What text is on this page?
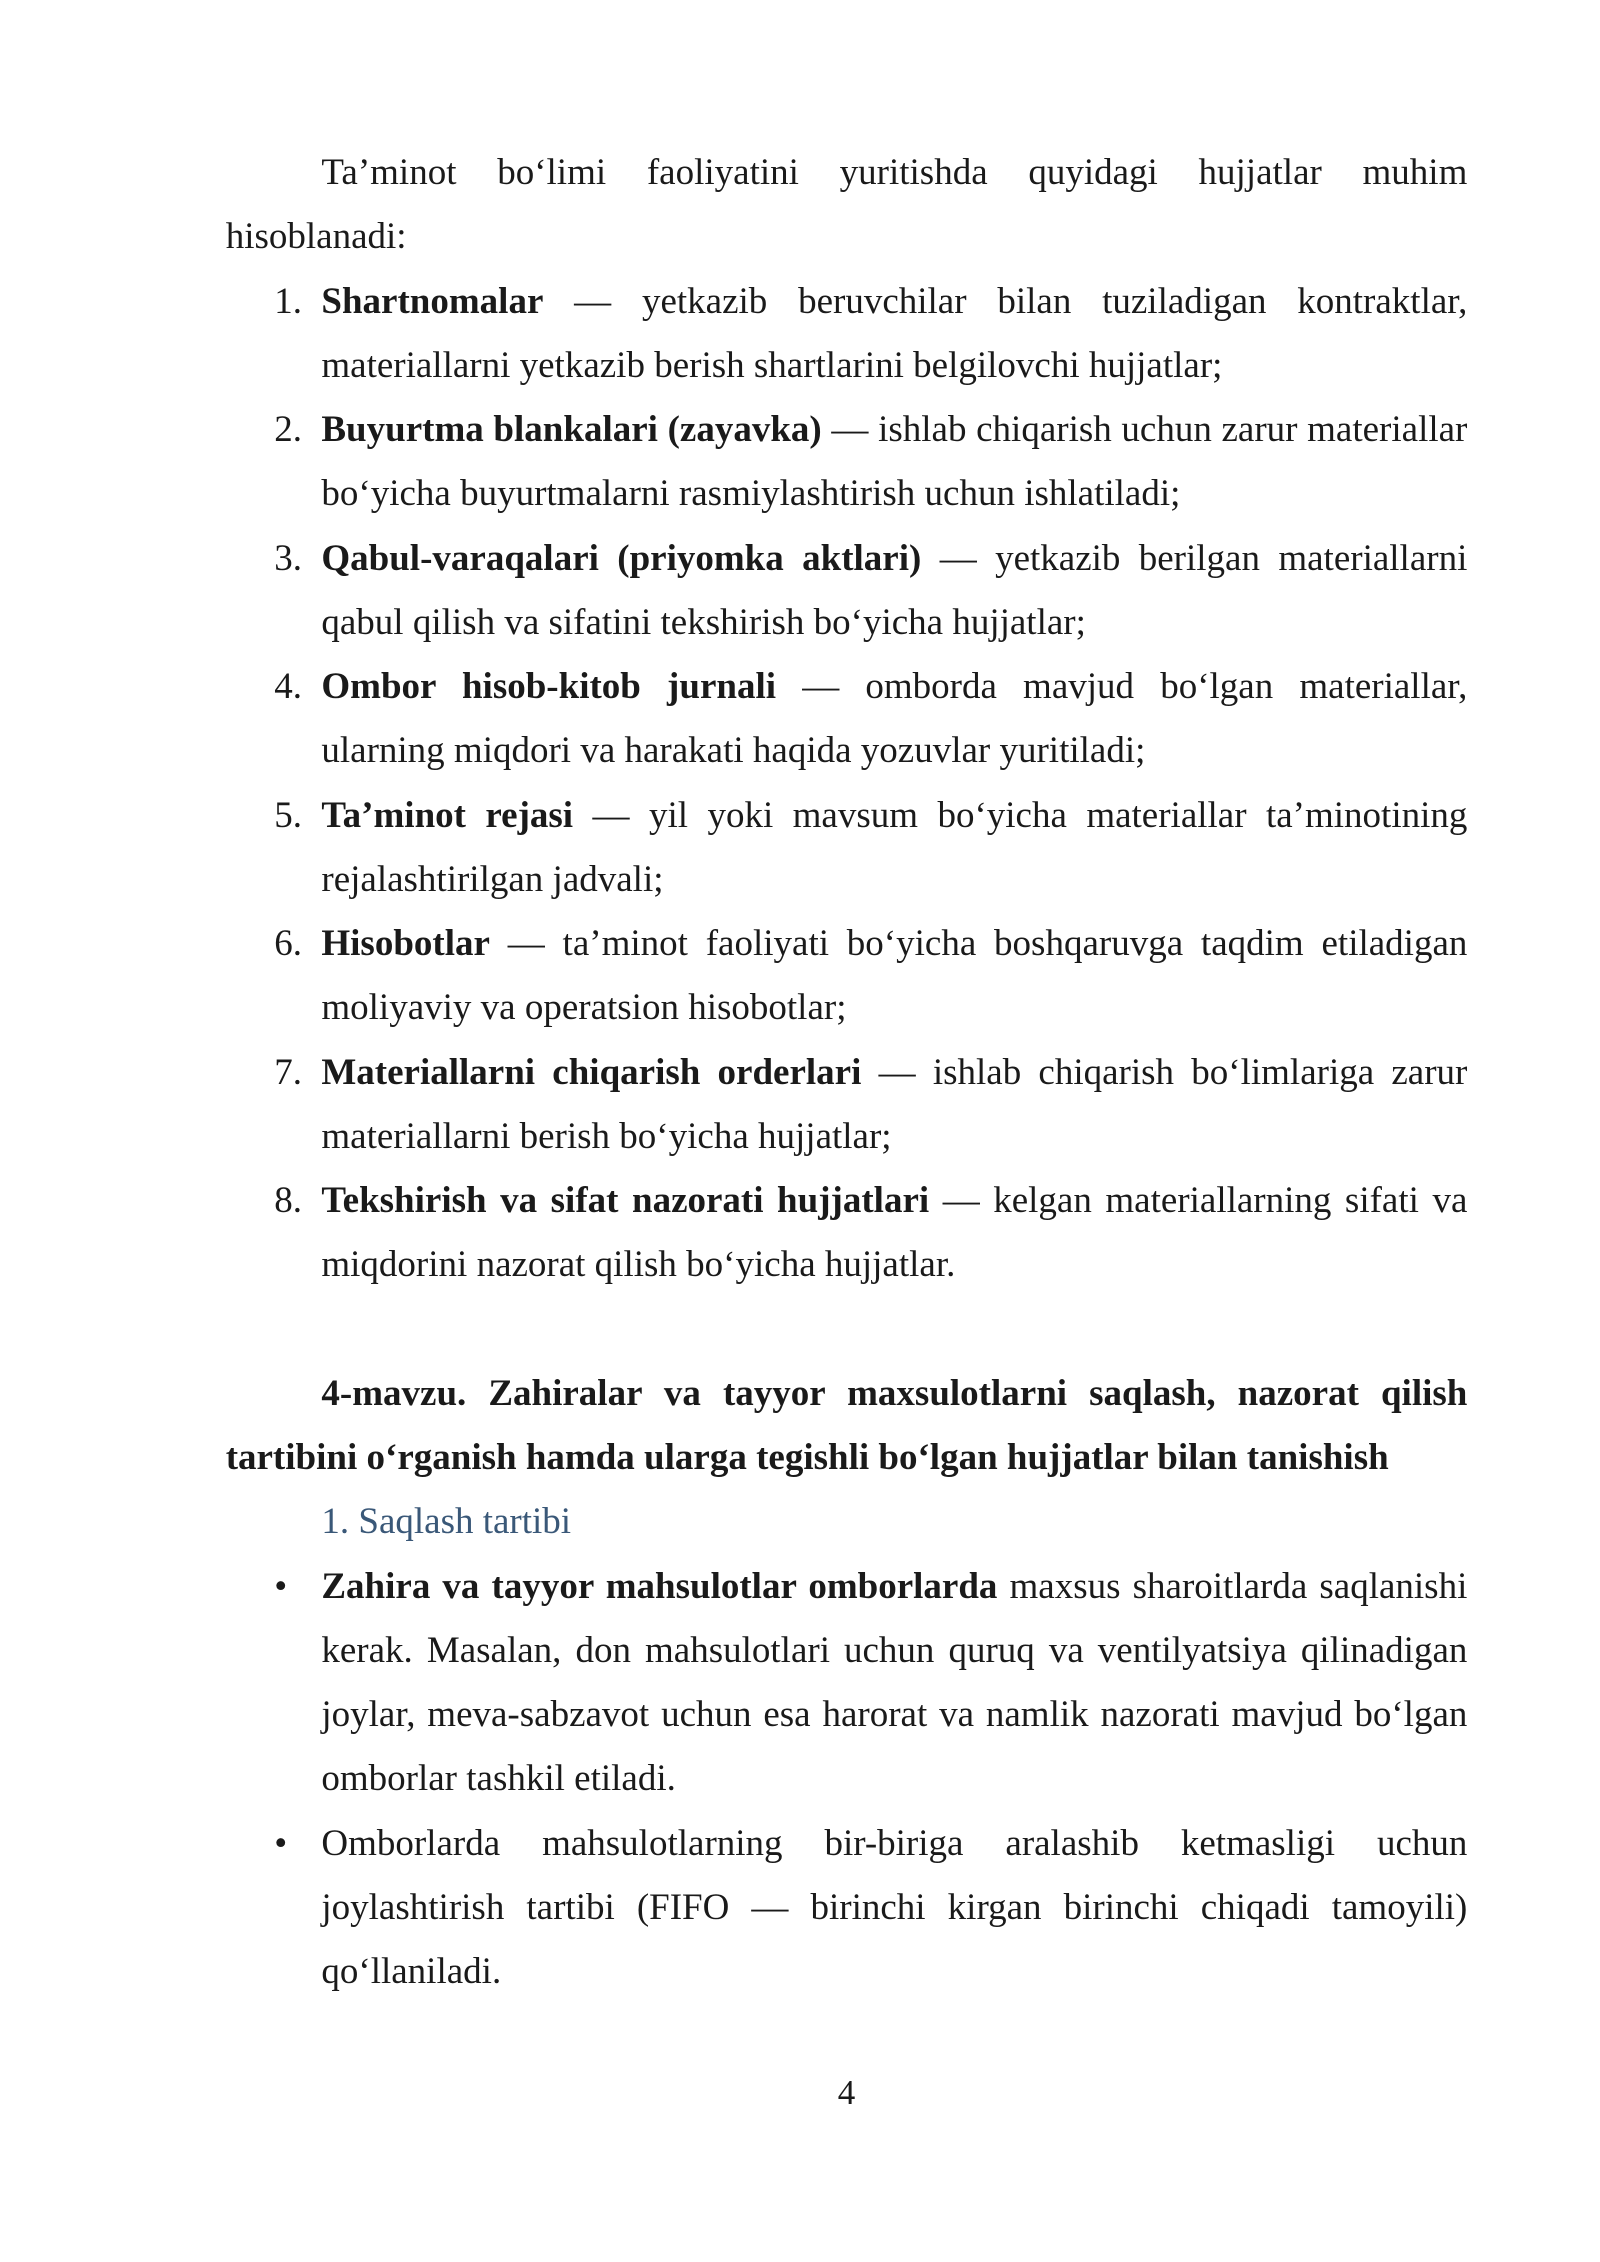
Ta’minot bo‘limi faoliyatini yuritishda quyidagi hujjatlar muhim
hisoblanadi:
1. Shartnomalar — yetkazib beruvchilar bilan tuziladigan kontraktlar,
materiallarni yetkazib berish shartlarini belgilovchi hujjatlar;
2. Buyurtma blankalari (zayavka) — ishlab chiqarish uchun zarur materiallar
bo‘yicha buyurtmalarni rasmiylashtirish uchun ishlatiladi;
3. Qabul-varaqalari (priyomka aktlari) — yetkazib berilgan materiallarni
qabul qilish va sifatini tekshirish bo‘yicha hujjatlar;
4. Ombor hisob-kitob jurnali — omborda mavjud bo‘lgan materiallar,
ularning miqdori va harakati haqida yozuvlar yuritiladi;
5. Ta’minot rejasi — yil yoki mavsum bo‘yicha materiallar ta’minotining
rejalashtirilgan jadvali;
6. Hisobotlar — ta’minot faoliyati bo‘yicha boshqaruvga taqdim etiladigan
moliyaviy va operatsion hisobotlar;
7. Materiallarni chiqarish orderlari — ishlab chiqarish bo‘limlariga zarur
materiallarni berish bo‘yicha hujjatlar;
8. Tekshirish va sifat nazorati hujjatlari — kelgan materiallarning sifati va
miqdorini nazorat qilish bo‘yicha hujjatlar.
4-mavzu. Zahiralar va tayyor maxsulotlarni saqlash, nazorat qilish
tartibini o‘rganish hamda ularga tegishli bo‘lgan hujjatlar bilan tanishish
1. Saqlash tartibi
• Zahira va tayyor mahsulotlar omborlarda maxsus sharoitlarda saqlanishi
kerak. Masalan, don mahsulotlari uchun quruq va ventilyatsiya qilinadigan
joylar, meva-sabzavot uchun esa harorat va namlik nazorati mavjud bo‘lgan
omborlar tashkil etiladi.
• Omborlarda mahsulotlarning bir-biriga aralashib ketmasligi uchun
joylashtirish tartibi (FIFO — birinchi kirgan birinchi chiqadi tamoyili)
qo‘llaniladi.
4
